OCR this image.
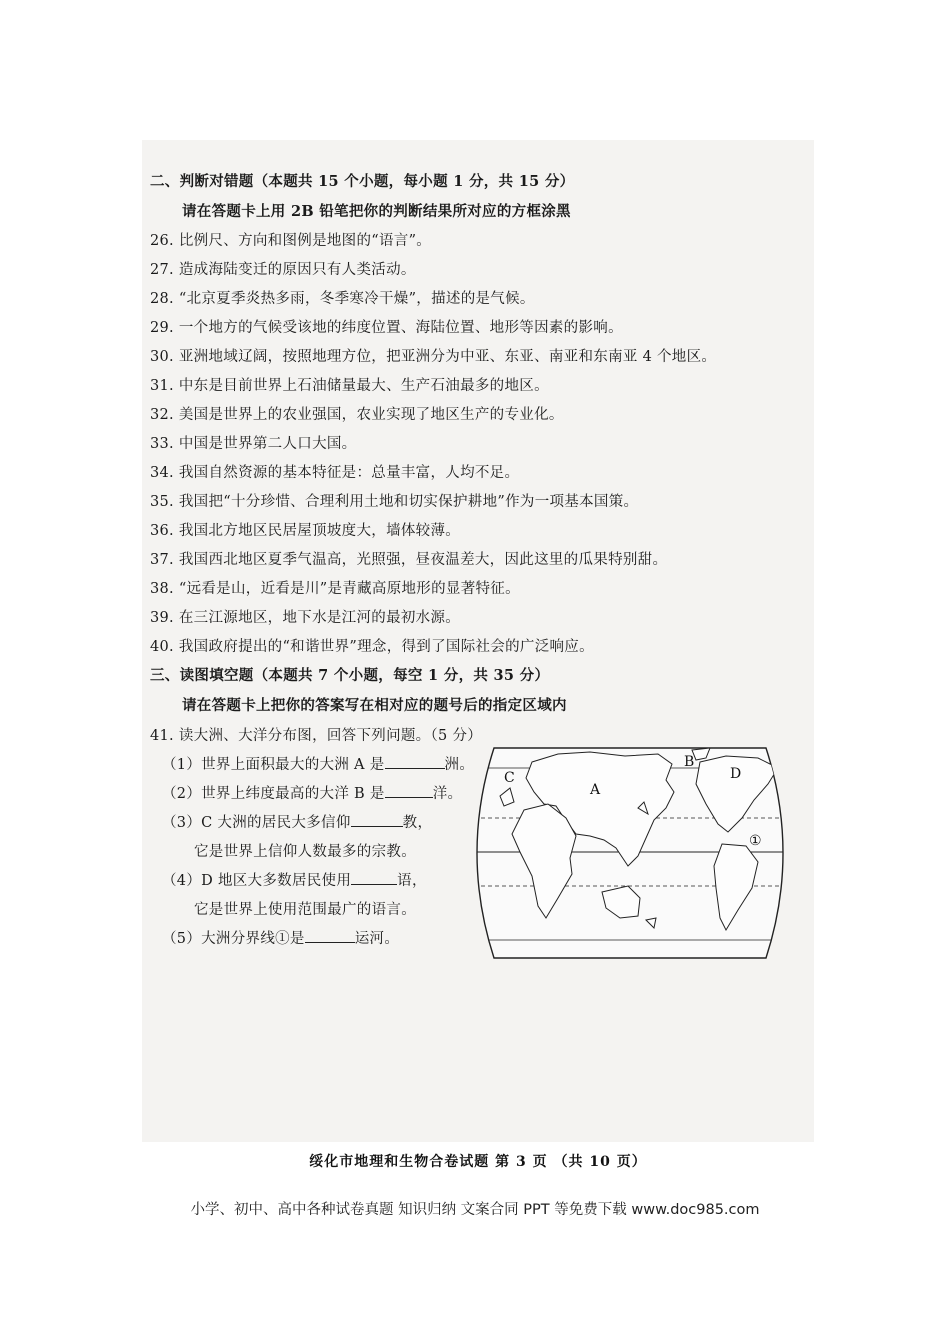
二、判断对错题（本题共 15 个小题，每小题 1 分，共 15 分）
请在答题卡上用 2B 铅笔把你的判断结果所对应的方框涂黑
26. 比例尺、方向和图例是地图的“语言”。
27. 造成海陆变迁的原因只有人类活动。
28. “北京夏季炎热多雨，冬季寒冷干燥”，描述的是气候。
29. 一个地方的气候受该地的纬度位置、海陆位置、地形等因素的影响。
30. 亚洲地域辽阔，按照地理方位，把亚洲分为中亚、东亚、南亚和东南亚 4 个地区。
31. 中东是目前世界上石油储量最大、生产石油最多的地区。
32. 美国是世界上的农业强国，农业实现了地区生产的专业化。
33. 中国是世界第二人口大国。
34. 我国自然资源的基本特征是：总量丰富，人均不足。
35. 我国把“十分珍惜、合理利用土地和切实保护耕地”作为一项基本国策。
36. 我国北方地区民居屋顶坡度大，墙体较薄。
37. 我国西北地区夏季气温高，光照强，昼夜温差大，因此这里的瓜果特别甜。
38. “远看是山，近看是川”是青藏高原地形的显著特征。
39. 在三江源地区，地下水是江河的最初水源。
40. 我国政府提出的“和谐世界”理念，得到了国际社会的广泛响应。
三、读图填空题（本题共 7 个小题，每空 1 分，共 35 分）
请在答题卡上把你的答案写在相对应的题号后的指定区域内
41. 读大洲、大洋分布图，回答下列问题。（5 分）
（1）世界上面积最大的大洲 A 是	洲。
（2）世界上纬度最高的大洋 B 是	洋。
（3）C 大洲的居民大多信仰	教，
它是世界上信仰人数最多的宗教。
（4）D 地区大多数居民使用	语，
它是世界上使用范围最广的语言。
（5）大洲分界线①是	运河。
A
B
C	D
①
绥化市地理和生物合卷试题 第 3 页 （共 10 页）
小学、初中、高中各种试卷真题 知识归纳 文案合同 PPT 等免费下载 www.doc985.com
